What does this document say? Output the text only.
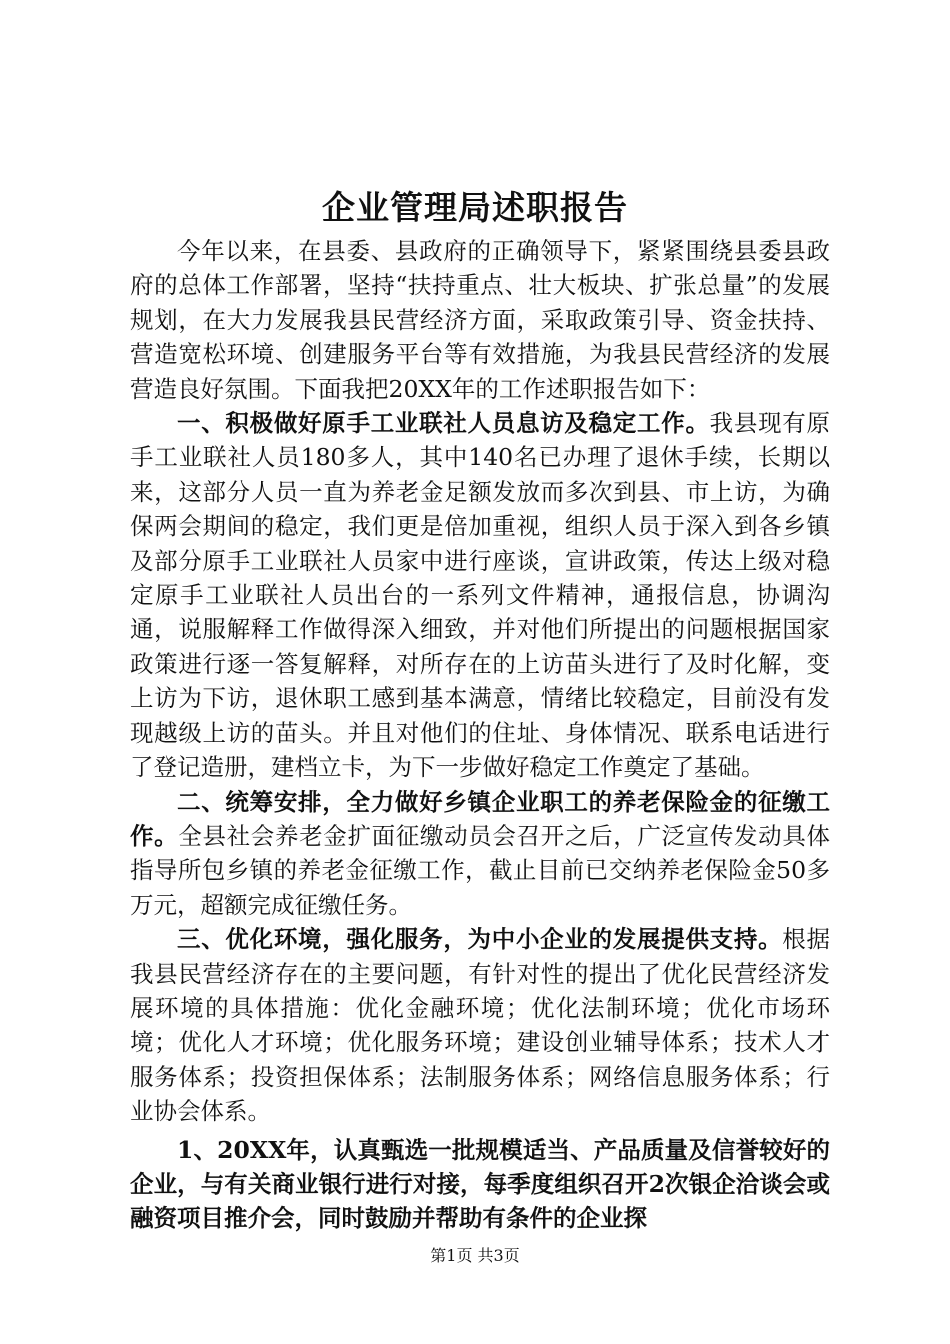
企业管理局述职报告

今年以来，在县委、县政府的正确领导下，紧紧围绕县委县政府的总体工作部署，坚持“扶持重点、壮大板块、扩张总量”的发展规划，在大力发展我县民营经济方面，采取政策引导、资金扶持、营造宽松环境、创建服务平台等有效措施，为我县民营经济的发展营造良好氛围。下面我把20XX年的工作述职报告如下：

一、积极做好原手工业联社人员息访及稳定工作。我县现有原手工业联社人员180多人，其中140名已办理了退休手续，长期以来，这部分人员一直为养老金足额发放而多次到县、市上访，为确保两会期间的稳定，我们更是倍加重视，组织人员于深入到各乡镇及部分原手工业联社人员家中进行座谈，宣讲政策，传达上级对稳定原手工业联社人员出台的一系列文件精神，通报信息，协调沟通，说服解释工作做得深入细致，并对他们所提出的问题根据国家政策进行逐一答复解释，对所存在的上访苗头进行了及时化解，变上访为下访，退休职工感到基本满意，情绪比较稳定，目前没有发现越级上访的苗头。并且对他们的住址、身体情况、联系电话进行了登记造册，建档立卡，为下一步做好稳定工作奠定了基础。

二、统筹安排，全力做好乡镇企业职工的养老保险金的征缴工作。全县社会养老金扩面征缴动员会召开之后，广泛宣传发动具体指导所包乡镇的养老金征缴工作，截止目前已交纳养老保险金50多万元，超额完成征缴任务。

三、优化环境，强化服务，为中小企业的发展提供支持。根据我县民营经济存在的主要问题，有针对性的提出了优化民营经济发展环境的具体措施：优化金融环境；优化法制环境；优化市场环境；优化人才环境；优化服务环境；建设创业辅导体系；技术人才服务体系；投资担保体系；法制服务体系；网络信息服务体系；行业协会体系。

1、20XX年，认真甄选一批规模适当、产品质量及信誉较好的企业，与有关商业银行进行对接，每季度组织召开2次银企洽谈会或融资项目推介会，同时鼓励并帮助有条件的企业探

第1页 共3页
